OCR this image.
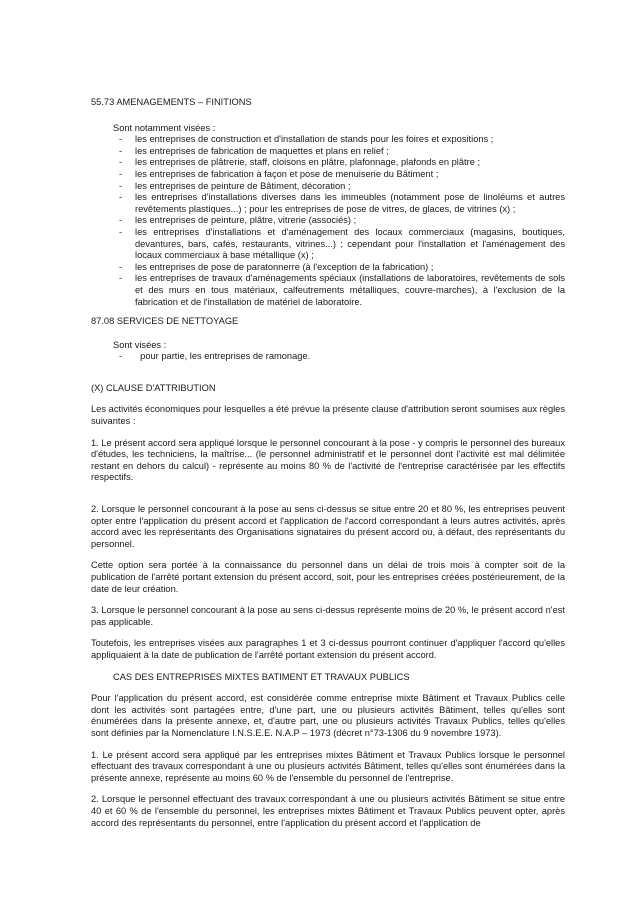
55.73 AMENAGEMENTS – FINITIONS

Sont notamment visées :

- les entreprises de construction et d'installation de stands pour les foires et expositions ;
- les entreprises de fabrication de maquettes et plans en relief ;
- les entreprises de plâtrerie, staff, cloisons en plâtre, plafonnage, plafonds en plâtre ;
- les entreprises de fabrication à façon et pose de menuiserie du Bâtiment ;
- les entreprises de peinture de Bâtiment, décoration ;
- les entreprises d'installations diverses dans les immeubles (notamment pose de linoléums et autres revêtements plastiques...) ; pour les entreprises de pose de vitres, de glaces, de vitrines (x) ;
- les entreprises de peinture, plâtre, vitrerie (associés) ;
- les entreprises d'installations et d'aménagement des locaux commerciaux (magasins, boutiques, devantures, bars, cafés, restaurants, vitrines...) ; cependant pour l'installation et l'aménagement des locaux commerciaux à base métallique (x) ;
- les entreprises de pose de paratonnerre (à l'exception de la fabrication) ;
- les entreprises de travaux d'aménagements spéciaux (installations de laboratoires, revêtements de sols et des murs en tous matériaux, calfeutrements métalliques, couvre-marches), à l'exclusion de la fabrication et de l'installation de matériel de laboratoire.

87.08 SERVICES DE NETTOYAGE

Sont visées :

- pour partie, les entreprises de ramonage.

(X) CLAUSE D'ATTRIBUTION

Les activités économiques pour lesquelles a été prévue la présente clause d'attribution seront soumises aux règles suivantes :

1. Le présent accord sera appliqué lorsque le personnel concourant à la pose - y compris le personnel des bureaux d'études, les techniciens, la maîtrise... (le personnel administratif et le personnel dont l'activité est mal délimitée restant en dehors du calcul) - représente au moins 80 % de l'activité de l'entreprise caractérisée par les effectifs respectifs.

2. Lorsque le personnel concourant à la pose au sens ci-dessus se situe entre 20 et 80 %, les entreprises peuvent opter entre l'application du présent accord et l'application de l'accord correspondant à leurs autres activités, après accord avec les représentants des Organisations signataires du présent accord ou, à défaut, des représentants du personnel.

Cette option sera portée à la connaissance du personnel dans un délai de trois mois à compter soit de la publication de l'arrêté portant extension du présent accord, soit, pour les entreprises créées postérieurement, de la date de leur création.

3. Lorsque le personnel concourant à la pose au sens ci-dessus représente moins de 20 %, le présent accord n'est pas applicable.

Toutefois, les entreprises visées aux paragraphes 1 et 3 ci-dessus pourront continuer d'appliquer l'accord qu'elles appliquaient à la date de publication de l'arrêté portant extension du présent accord.

CAS DES ENTREPRISES MIXTES BATIMENT ET TRAVAUX PUBLICS

Pour l'application du présent accord, est considérée comme entreprise mixte Bâtiment et Travaux Publics celle dont les activités sont partagées entre, d'une part, une ou plusieurs activités Bâtiment, telles qu'elles sont énumérées dans la présente annexe, et, d'autre part, une ou plusieurs activités Travaux Publics, telles qu'elles sont définies par la Nomenclature I.N.S.E.E. N.A.P – 1973 (décret n°73-1306 du 9 novembre 1973).

1. Le présent accord sera appliqué par les entreprises mixtes Bâtiment et Travaux Publics lorsque le personnel effectuant des travaux correspondant à une ou plusieurs activités Bâtiment, telles qu'elles sont énumérées dans la présente annexe, représente au moins 60 % de l'ensemble du personnel de l'entreprise.

2. Lorsque le personnel effectuant des travaux correspondant à une ou plusieurs activités Bâtiment se situe entre 40 et 60 % de l'ensemble du personnel, les entreprises mixtes Bâtiment et Travaux Publics peuvent opter, après accord des représentants du personnel, entre l'application du présent accord et l'application de
